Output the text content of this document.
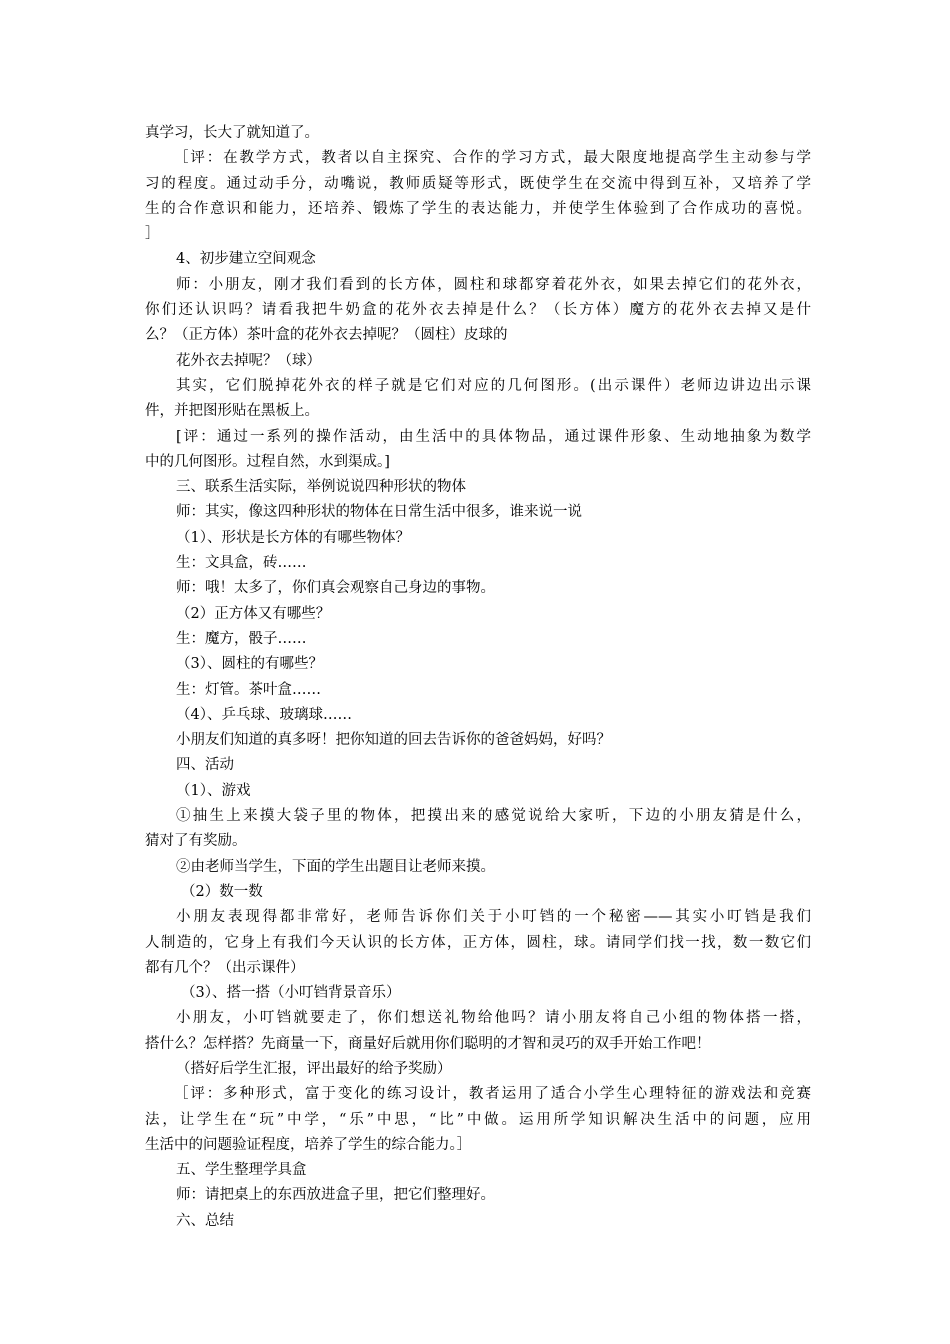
真学习，长大了就知道了。
［评：在教学方式，教者以自主探究、合作的学习方式，最大限度地提高学生主动参与学
习的程度。通过动手分，动嘴说，教师质疑等形式，既使学生在交流中得到互补，又培养了学
生的合作意识和能力，还培养、锻炼了学生的表达能力，并使学生体验到了合作成功的喜悦。
］
4、初步建立空间观念
师：小朋友，刚才我们看到的长方体，圆柱和球都穿着花外衣，如果去掉它们的花外衣，
你们还认识吗？请看我把牛奶盒的花外衣去掉是什么？（长方体）魔方的花外衣去掉又是什
么？（正方体）茶叶盒的花外衣去掉呢？（圆柱）皮球的
花外衣去掉呢？（球）
其实，它们脱掉花外衣的样子就是它们对应的几何图形。(出示课件）老师边讲边出示课
件，并把图形贴在黑板上。
[评：通过一系列的操作活动，由生活中的具体物品，通过课件形象、生动地抽象为数学
中的几何图形。过程自然，水到渠成。]
三、联系生活实际，举例说说四种形状的物体
师：其实，像这四种形状的物体在日常生活中很多，谁来说一说
（1）、形状是长方体的有哪些物体？
生：文具盒，砖……
师：哦！太多了，你们真会观察自己身边的事物。
（2）正方体又有哪些？
生：魔方，骰子……
（3）、圆柱的有哪些？
生：灯管。茶叶盒……
（4）、乒乓球、玻璃球……
小朋友们知道的真多呀！把你知道的回去告诉你的爸爸妈妈，好吗？
四、活动
（1）、游戏
①抽生上来摸大袋子里的物体，把摸出来的感觉说给大家听，下边的小朋友猜是什么，
猜对了有奖励。
②由老师当学生，下面的学生出题目让老师来摸。
（2）数一数
小朋友表现得都非常好，老师告诉你们关于小叮铛的一个秘密——其实小叮铛是我们
人制造的，它身上有我们今天认识的长方体，正方体，圆柱，球。请同学们找一找，数一数它们
都有几个？（出示课件）
（3）、搭一搭（小叮铛背景音乐）
小朋友，小叮铛就要走了，你们想送礼物给他吗？请小朋友将自己小组的物体搭一搭，
搭什么？怎样搭？先商量一下，商量好后就用你们聪明的才智和灵巧的双手开始工作吧！
（搭好后学生汇报，评出最好的给予奖励）
［评：多种形式，富于变化的练习设计，教者运用了适合小学生心理特征的游戏法和竞赛
法，让学生在“玩”中学，“乐”中思，“比”中做。运用所学知识解决生活中的问题，应用
生活中的问题验证程度，培养了学生的综合能力。］
五、学生整理学具盒
师：请把桌上的东西放进盒子里，把它们整理好。
六、总结
